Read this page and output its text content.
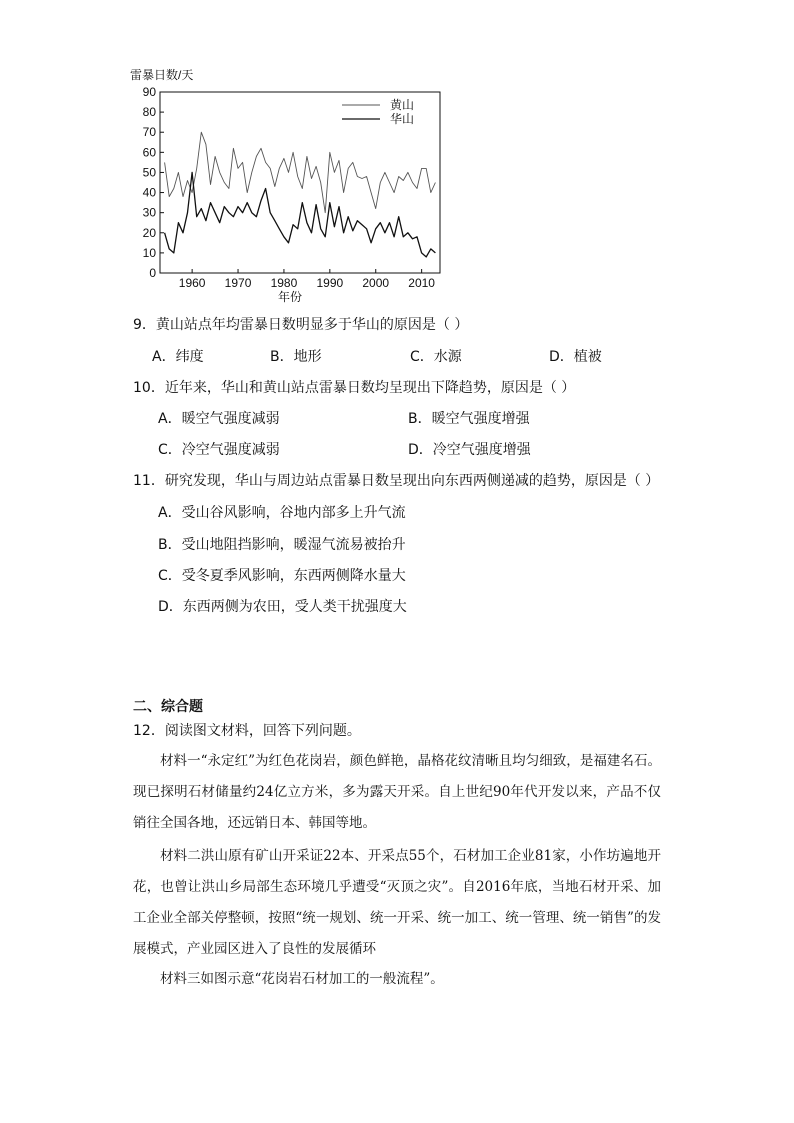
雷暴日数/天
0
10
20
30
40
50
60
70
80
90
1960 1970 1980 1990 2000 2010
年份
黄山
华山
9．黄山站点年均雷暴日数明显多于华山的原因是（ ）
A．纬度	B．地形	C．水源	D．植被
10．近年来，华山和黄山站点雷暴日数均呈现出下降趋势，原因是（ ）
A．暖空气强度减弱	B．暖空气强度增强
C．冷空气强度减弱	D．冷空气强度增强
11．研究发现，华山与周边站点雷暴日数呈现出向东西两侧递减的趋势，原因是（ ）
A．受山谷风影响，谷地内部多上升气流
B．受山地阻挡影响，暖湿气流易被抬升
C．受冬夏季风影响，东西两侧降水量大
D．东西两侧为农田，受人类干扰强度大
二、综合题
12．阅读图文材料，回答下列问题。
材料一“永定红”为红色花岗岩，颜色鲜艳，晶格花纹清晰且均匀细致，是福建名石。现已探明石材储量约24亿立方米，多为露天开采。自上世纪90年代开发以来，产品不仅销往全国各地，还远销日本、韩国等地。
材料二洪山原有矿山开采证22本、开采点55个，石材加工企业81家，小作坊遍地开花，也曾让洪山乡局部生态环境几乎遭受“灭顶之灾”。自2016年底，当地石材开采、加工企业全部关停整顿，按照“统一规划、统一开采、统一加工、统一管理、统一销售”的发展模式，产业园区进入了良性的发展循环
材料三如图示意“花岗岩石材加工的一般流程”。
